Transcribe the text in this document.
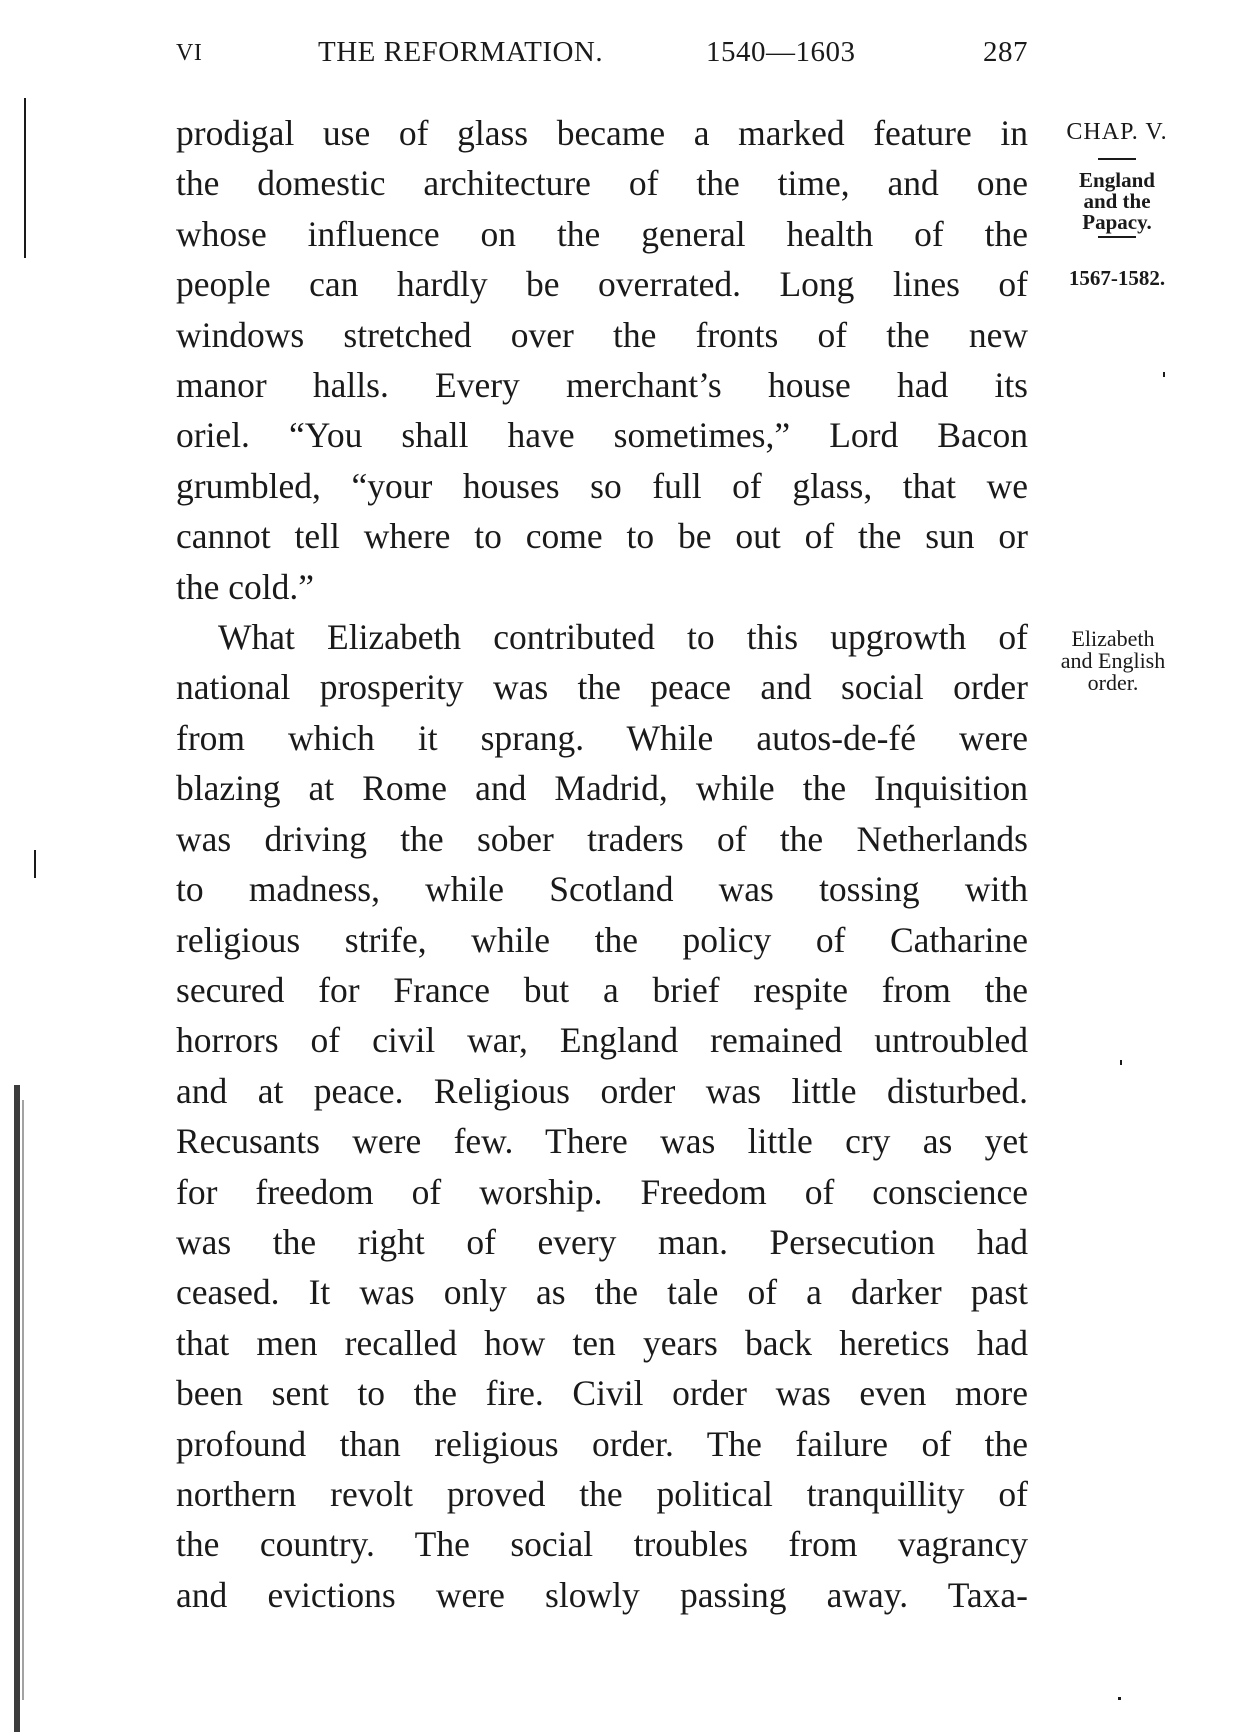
VI	THE REFORMATION.	1540—1603	287
CHAP. V.
England
and the
Papacy.
1567-1582.
Elizabeth
and English
order.

prodigal use of glass became a marked feature in
the domestic architecture of the time, and one
whose influence on the general health of the
people can hardly be overrated. Long lines of
windows stretched over the fronts of the new
manor halls. Every merchant’s house had its
oriel. “You shall have sometimes,” Lord Bacon
grumbled, “your houses so full of glass, that we
cannot tell where to come to be out of the sun or
the cold.”

What Elizabeth contributed to this upgrowth of
national prosperity was the peace and social order
from which it sprang. While autos-de-fé were
blazing at Rome and Madrid, while the Inquisition
was driving the sober traders of the Netherlands
to madness, while Scotland was tossing with
religious strife, while the policy of Catharine
secured for France but a brief respite from the
horrors of civil war, England remained untroubled
and at peace. Religious order was little disturbed.
Recusants were few. There was little cry as yet
for freedom of worship. Freedom of conscience
was the right of every man. Persecution had
ceased. It was only as the tale of a darker past
that men recalled how ten years back heretics had
been sent to the fire. Civil order was even more
profound than religious order. The failure of the
northern revolt proved the political tranquillity of
the country. The social troubles from vagrancy
and evictions were slowly passing away. Taxa-
